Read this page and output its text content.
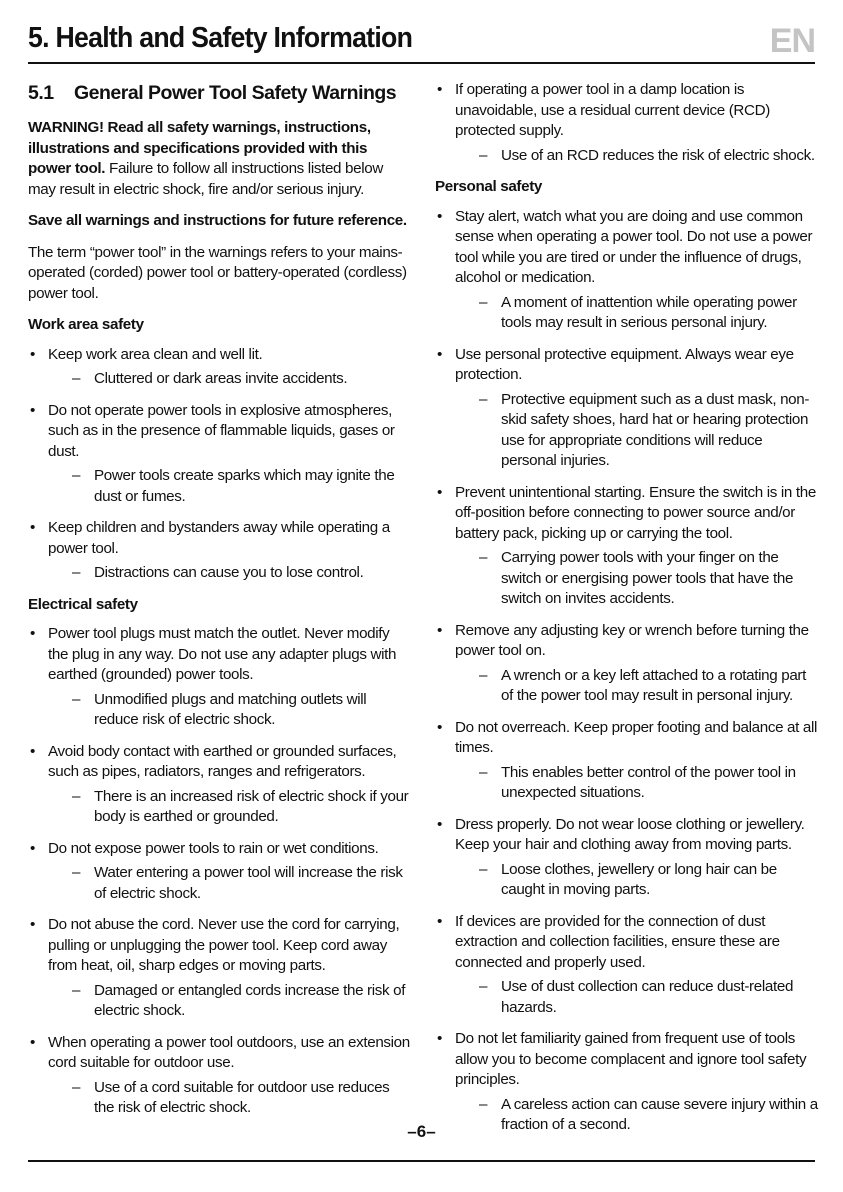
5. Health and Safety Information	EN
5.1 General Power Tool Safety Warnings

WARNING! Read all safety warnings, instructions, illustrations and specifications provided with this power tool. Failure to follow all instructions listed below may result in electric shock, fire and/or serious injury.

Save all warnings and instructions for future reference.

The term “power tool” in the warnings refers to your mains-operated (corded) power tool or battery-operated (cordless) power tool.

Work area safety
• Keep work area clean and well lit.
– Cluttered or dark areas invite accidents.
• Do not operate power tools in explosive atmospheres, such as in the presence of flammable liquids, gases or dust.
– Power tools create sparks which may ignite the dust or fumes.
• Keep children and bystanders away while operating a power tool.
– Distractions can cause you to lose control.
Electrical safety
• Power tool plugs must match the outlet. Never modify the plug in any way. Do not use any adapter plugs with earthed (grounded) power tools.
– Unmodified plugs and matching outlets will reduce risk of electric shock.
• Avoid body contact with earthed or grounded surfaces, such as pipes, radiators, ranges and refrigerators.
– There is an increased risk of electric shock if your body is earthed or grounded.
• Do not expose power tools to rain or wet conditions.
– Water entering a power tool will increase the risk of electric shock.
• Do not abuse the cord. Never use the cord for carrying, pulling or unplugging the power tool. Keep cord away from heat, oil, sharp edges or moving parts.
– Damaged or entangled cords increase the risk of electric shock.
• When operating a power tool outdoors, use an extension cord suitable for outdoor use.
– Use of a cord suitable for outdoor use reduces the risk of electric shock.
• If operating a power tool in a damp location is unavoidable, use a residual current device (RCD) protected supply.
– Use of an RCD reduces the risk of electric shock.
Personal safety
• Stay alert, watch what you are doing and use common sense when operating a power tool. Do not use a power tool while you are tired or under the influence of drugs, alcohol or medication.
– A moment of inattention while operating power tools may result in serious personal injury.
• Use personal protective equipment. Always wear eye protection.
– Protective equipment such as a dust mask, non-skid safety shoes, hard hat or hearing protection use for appropriate conditions will reduce personal injuries.
• Prevent unintentional starting. Ensure the switch is in the off-position before connecting to power source and/or battery pack, picking up or carrying the tool.
– Carrying power tools with your finger on the switch or energising power tools that have the switch on invites accidents.
• Remove any adjusting key or wrench before turning the power tool on.
– A wrench or a key left attached to a rotating part of the power tool may result in personal injury.
• Do not overreach. Keep proper footing and balance at all times.
– This enables better control of the power tool in unexpected situations.
• Dress properly. Do not wear loose clothing or jewellery. Keep your hair and clothing away from moving parts.
– Loose clothes, jewellery or long hair can be caught in moving parts.
• If devices are provided for the connection of dust extraction and collection facilities, ensure these are connected and properly used.
– Use of dust collection can reduce dust-related hazards.
• Do not let familiarity gained from frequent use of tools allow you to become complacent and ignore tool safety principles.
– A careless action can cause severe injury within a fraction of a second.
–6–
